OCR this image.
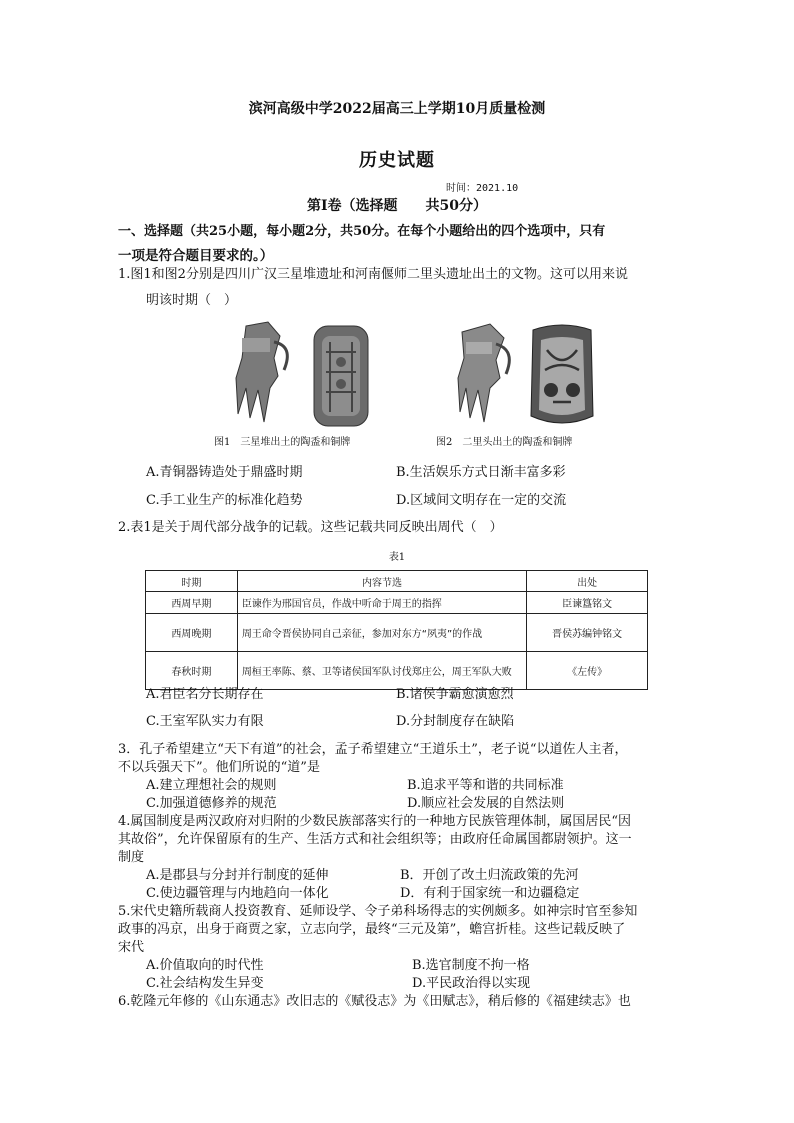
滨河高级中学2022届高三上学期10月质量检测
历史试题
时间：2021.10
第Ⅰ卷（选择题　　共50分）
一、选择题（共25小题，每小题2分，共50分。在每个小题给出的四个选项中，只有
一项是符合题目要求的。）
1.图1和图2分别是四川广汉三星堆遗址和河南偃师二里头遗址出土的文物。这可以用来说
明该时期（　）
图1　三星堆出土的陶盉和铜牌	图2　二里头出土的陶盉和铜牌
A.青铜器铸造处于鼎盛时期	B.生活娱乐方式日渐丰富多彩
C.手工业生产的标准化趋势	D.区域间文明存在一定的交流
2.表1是关于周代部分战争的记载。这些记载共同反映出周代（　）
表1
时期	内容节选	出处
西周早期	臣谏作为邢国官员，作战中听命于周王的指挥	臣谏簋铭文
西周晚期	周王命令晋侯协同自己亲征，参加对东方“夙夷”的作战	晋侯苏编钟铭文
春秋时期	周桓王率陈、蔡、卫等诸侯国军队讨伐郑庄公，周王军队大败	《左传》
A.君臣名分长期存在	B.诸侯争霸愈演愈烈
C.王室军队实力有限	D.分封制度存在缺陷
3．孔子希望建立“天下有道”的社会，孟子希望建立“王道乐土”，老子说“以道佐人主者，
不以兵强天下”。他们所说的“道”是
A.建立理想社会的规则	B.追求平等和谐的共同标准
C.加强道德修养的规范	D.顺应社会发展的自然法则
4.属国制度是两汉政府对归附的少数民族部落实行的一种地方民族管理体制，属国居民“因
其故俗”，允许保留原有的生产、生活方式和社会组织等；由政府任命属国都尉领护。这一
制度
A.是郡县与分封并行制度的延伸	B．开创了改土归流政策的先河
C.使边疆管理与内地趋向一体化	D．有利于国家统一和边疆稳定
5.宋代史籍所载商人投资教育、延师设学、令子弟科场得志的实例颇多。如神宗时官至参知
政事的冯京，出身于商贾之家，立志向学，最终“三元及第”，蟾宫折桂。这些记载反映了
宋代
A.价值取向的时代性	B.选官制度不拘一格
C.社会结构发生异变	D.平民政治得以实现
6.乾隆元年修的《山东通志》改旧志的《赋役志》为《田赋志》，稍后修的《福建续志》也
